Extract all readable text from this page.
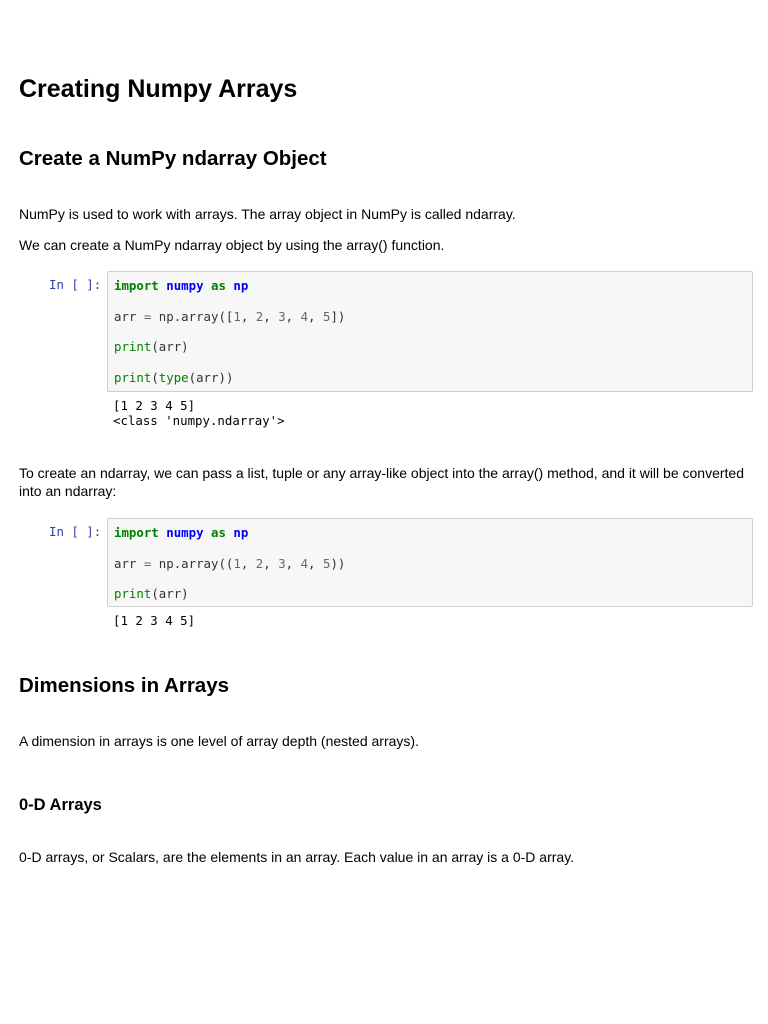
Creating Numpy Arrays
Create a NumPy ndarray Object

NumPy is used to work with arrays. The array object in NumPy is called ndarray.

We can create a NumPy ndarray object by using the array() function.

In [ ]: import numpy as np
arr = np.array([1, 2, 3, 4, 5])
print(arr)
print(type(arr))
[1 2 3 4 5]
<class 'numpy.ndarray'>

To create an ndarray, we can pass a list, tuple or any array-like object into the array() method, and it will be converted into an ndarray:

In [ ]: import numpy as np
arr = np.array((1, 2, 3, 4, 5))
print(arr)
[1 2 3 4 5]
Dimensions in Arrays

A dimension in arrays is one level of array depth (nested arrays).

0-D Arrays

0-D arrays, or Scalars, are the elements in an array. Each value in an array is a 0-D array.
